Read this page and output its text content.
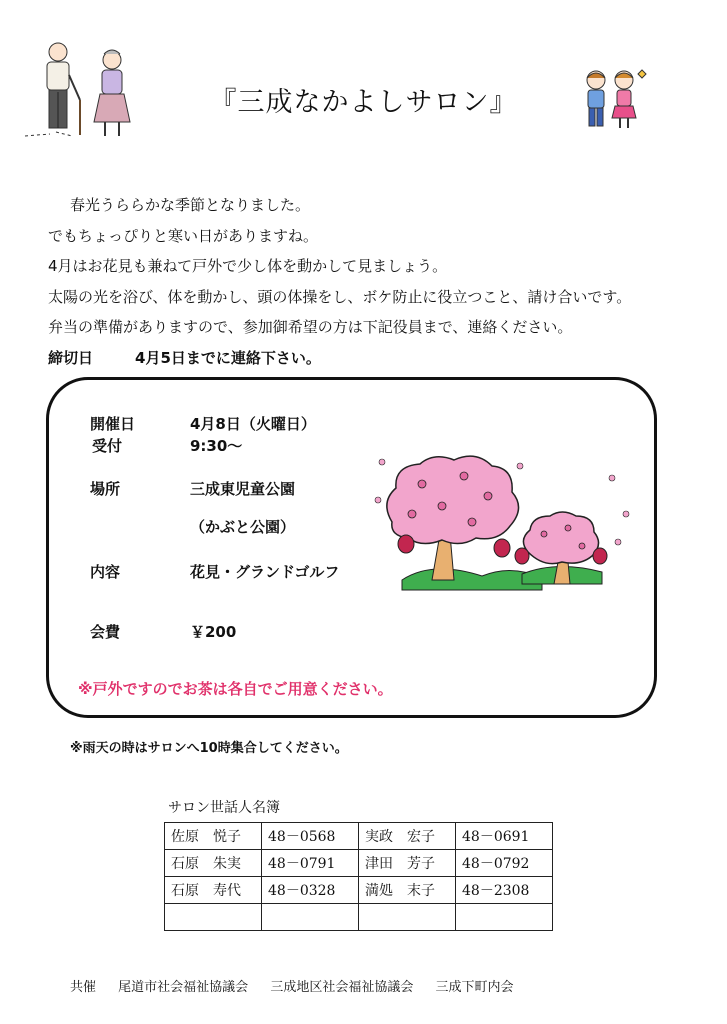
『三成なかよしサロン』
春光うららかな季節となりました。
でもちょっぴりと寒い日がありますね。
4月はお花見も兼ねて戸外で少し体を動かして見ましょう。
太陽の光を浴び、体を動かし、頭の体操をし、ボケ防止に役立つこと、請け合いです。
弁当の準備がありますので、参加御希望の方は下記役員まで、連絡ください。
締切日	4月5日までに連絡下さい。
開催日	4月8日（火曜日）
受付	9:30～
場所	三成東児童公園
（かぶと公園）
内容	花見・グランドゴルフ
会費	￥200
※戸外ですのでお茶は各自でご用意ください。
※雨天の時はサロンへ10時集合してください。
サロン世話人名簿
佐原　悦子	48－0568	実政　宏子	48－0691
石原　朱実	48－0791	津田　芳子	48－0792
石原　寿代	48－0328	満処　末子	48－2308

共催 尾道市社会福祉協議会 三成地区社会福祉協議会 三成下町内会
